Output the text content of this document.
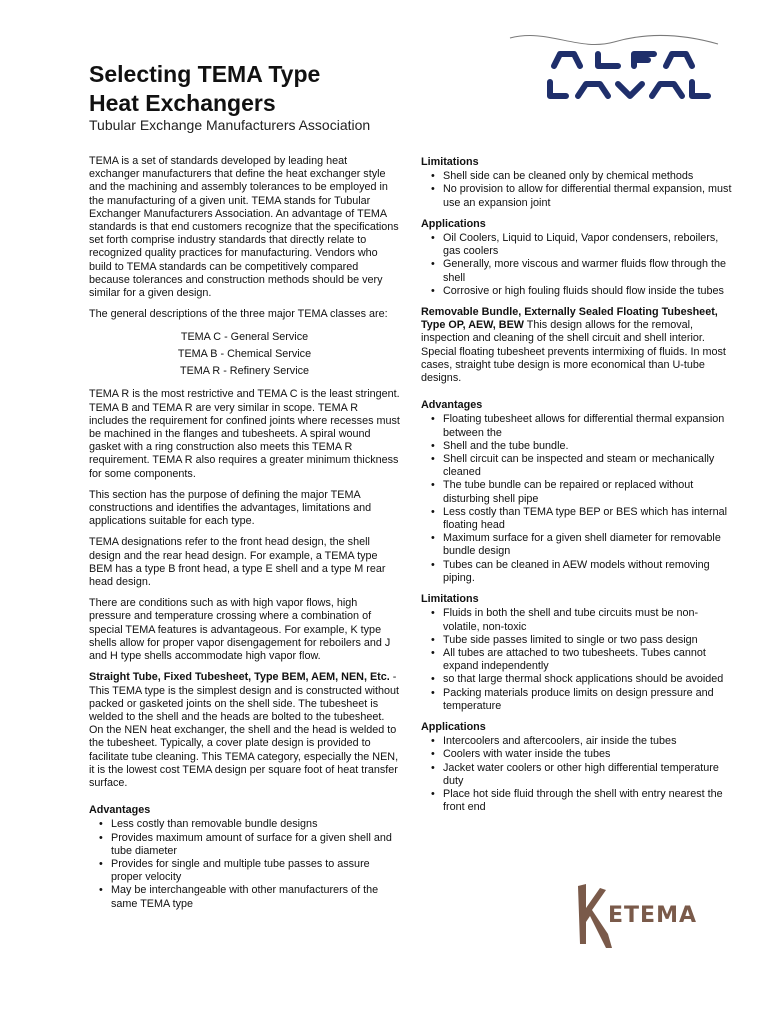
Selecting TEMA Type
Heat Exchangers
Tubular Exchange Manufacturers Association

TEMA is a set of standards developed by leading heat exchanger manufacturers that define the heat exchanger style and the machining and assembly tolerances to be employed in the manufacturing of a given unit. TEMA stands for Tubular Exchanger Manufacturers Association. An advantage of TEMA standards is that end customers recognize that the specifications set forth comprise industry standards that directly relate to recognized quality practices for manufacturing. Vendors who build to TEMA standards can be competitively compared because tolerances and construction methods should be very similar for a given design.

The general descriptions of the three major TEMA classes are:

TEMA C - General Service

TEMA B - Chemical Service

TEMA R - Refinery Service

TEMA R is the most restrictive and TEMA C is the least stringent. TEMA B and TEMA R are very similar in scope. TEMA R includes the requirement for confined joints where recesses must be machined in the flanges and tubesheets. A spiral wound gasket with a ring construction also meets this TEMA R requirement. TEMA R also requires a greater minimum thickness for some components.

This section has the purpose of defining the major TEMA constructions and identifies the advantages, limitations and applications suitable for each type.

TEMA designations refer to the front head design, the shell design and the rear head design. For example, a TEMA type BEM has a type B front head, a type E shell and a type M rear head design.

There are conditions such as with high vapor flows, high pressure and temperature crossing where a combination of special TEMA features is advantageous. For example, K type shells allow for proper vapor disengagement for reboilers and J and H type shells accommodate high vapor flow.

Straight Tube, Fixed Tubesheet, Type BEM, AEM, NEN, Etc. - This TEMA type is the simplest design and is constructed without packed or gasketed joints on the shell side. The tubesheet is welded to the shell and the heads are bolted to the tubesheet. On the NEN heat exchanger, the shell and the head is welded to the tubesheet. Typically, a cover plate design is provided to facilitate tube cleaning. This TEMA category, especially the NEN, it is the lowest cost TEMA design per square foot of heat transfer surface.

Advantages
• Less costly than removable bundle designs
• Provides maximum amount of surface for a given shell and tube diameter
• Provides for single and multiple tube passes to assure proper velocity
• May be interchangeable with other manufacturers of the same TEMA type
Limitations
• Shell side can be cleaned only by chemical methods
• No provision to allow for differential thermal expansion, must use an expansion joint
Applications
• Oil Coolers, Liquid to Liquid, Vapor condensers, reboilers, gas coolers
• Generally, more viscous and warmer fluids flow through the shell
• Corrosive or high fouling fluids should flow inside the tubes

Removable Bundle, Externally Sealed Floating Tubesheet, Type OP, AEW, BEW This design allows for the removal, inspection and cleaning of the shell circuit and shell interior. Special floating tubesheet prevents intermixing of fluids. In most cases, straight tube design is more economical than U-tube designs.

Advantages
• Floating tubesheet allows for differential thermal expansion between the
• Shell and the tube bundle.
• Shell circuit can be inspected and steam or mechanically cleaned
• The tube bundle can be repaired or replaced without disturbing shell pipe
• Less costly than TEMA type BEP or BES which has internal floating head
• Maximum surface for a given shell diameter for removable bundle design
• Tubes can be cleaned in AEW models without removing piping.
Limitations
• Fluids in both the shell and tube circuits must be non-volatile, non-toxic
• Tube side passes limited to single or two pass design
• All tubes are attached to two tubesheets. Tubes cannot expand independently
• so that large thermal shock applications should be avoided
• Packing materials produce limits on design pressure and temperature
Applications
• Intercoolers and aftercoolers, air inside the tubes
• Coolers with water inside the tubes
• Jacket water coolers or other high differential temperature duty
• Place hot side fluid through the shell with entry nearest the front end
ETEMA
